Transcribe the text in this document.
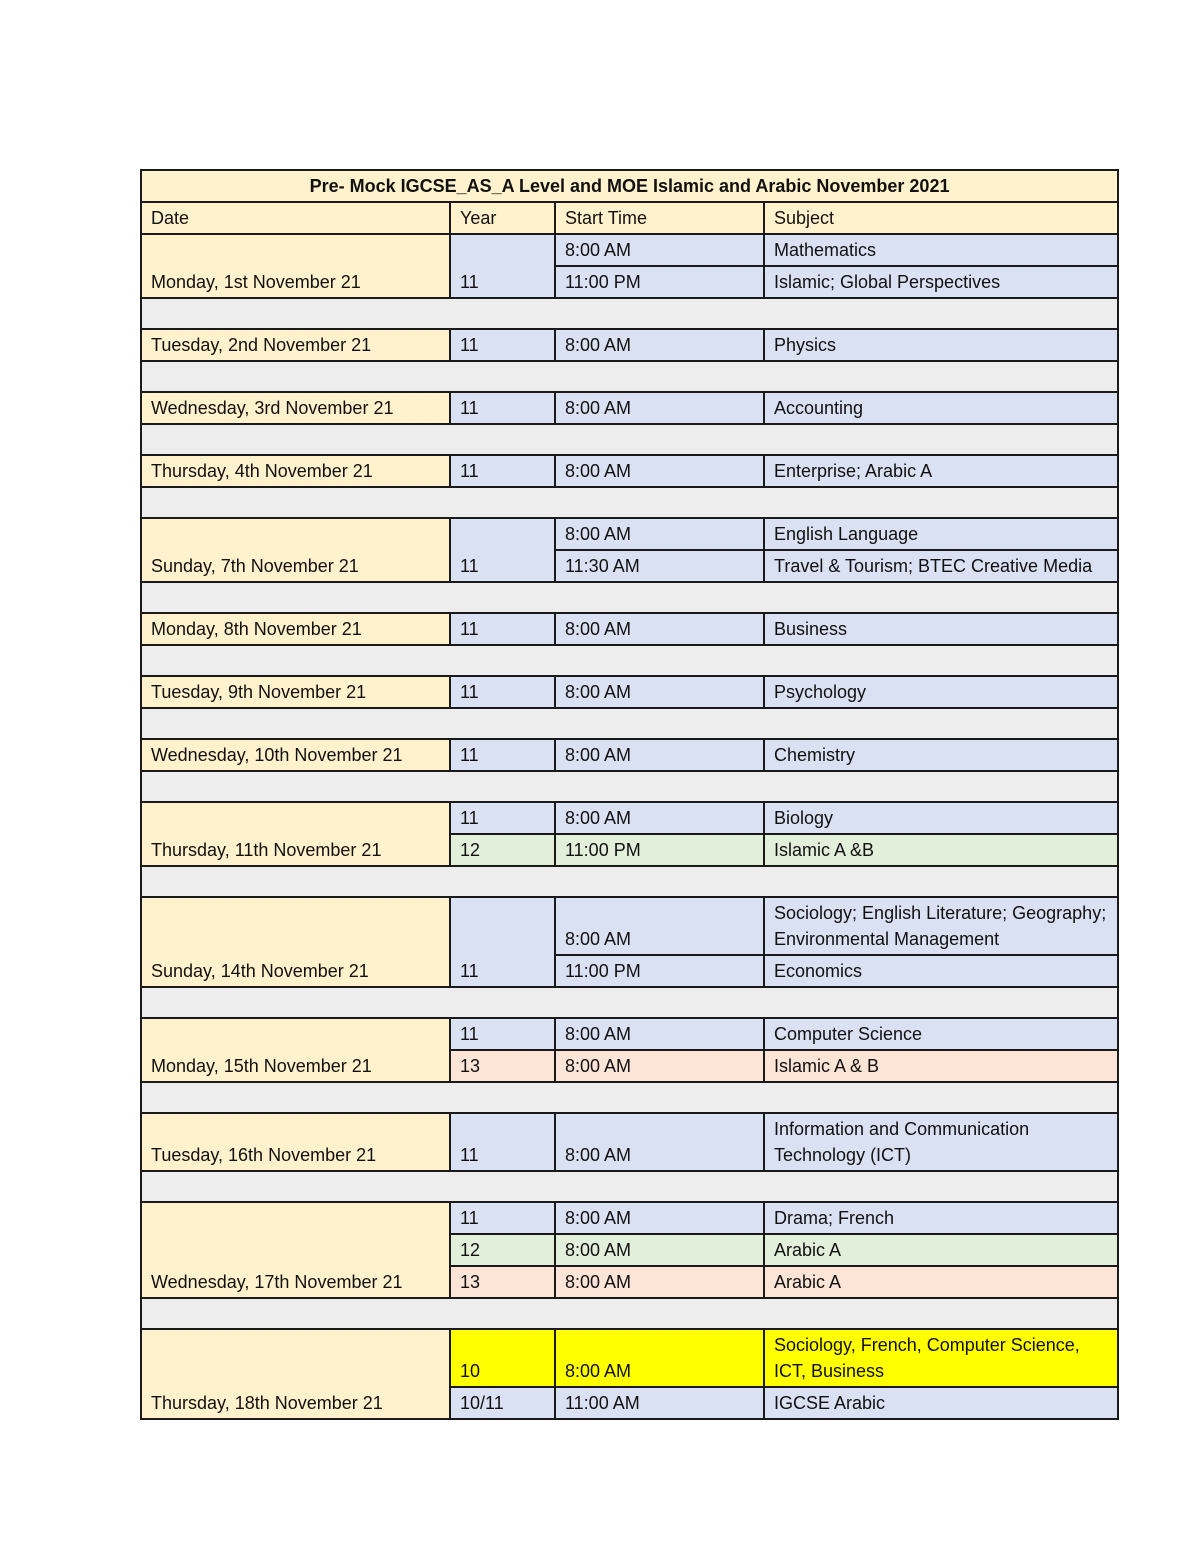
Pre- Mock IGCSE_AS_A Level and MOE Islamic and Arabic November 2021			
Date	Year	Start Time	Subject
Monday, 1st November 21	11	8:00 AM	Mathematics
		11:00 PM	Islamic; Global Perspectives

Tuesday, 2nd November 21	11	8:00 AM	Physics

Wednesday, 3rd November 21	11	8:00 AM	Accounting

Thursday, 4th November 21	11	8:00 AM	Enterprise; Arabic A

Sunday, 7th November 21	11	8:00 AM	English Language
		11:30 AM	Travel & Tourism; BTEC Creative Media

Monday, 8th November 21	11	8:00 AM	Business

Tuesday, 9th November 21	11	8:00 AM	Psychology

Wednesday, 10th November 21	11	8:00 AM	Chemistry

Thursday, 11th November 21	11	8:00 AM	Biology
	12	11:00 PM	Islamic A &B

Sunday, 14th November 21	11	8:00 AM	Sociology; English Literature; Geography; Environmental Management
		11:00 PM	Economics

Monday, 15th November 21	11	8:00 AM	Computer Science
	13	8:00 AM	Islamic A & B

Tuesday, 16th November 21	11	8:00 AM	Information and Communication Technology (ICT)

Wednesday, 17th November 21	11	8:00 AM	Drama; French
	12	8:00 AM	Arabic A
	13	8:00 AM	Arabic A

Thursday, 18th November 21	10	8:00 AM	Sociology, French, Computer Science, ICT, Business
	10/11	11:00 AM	IGCSE Arabic
